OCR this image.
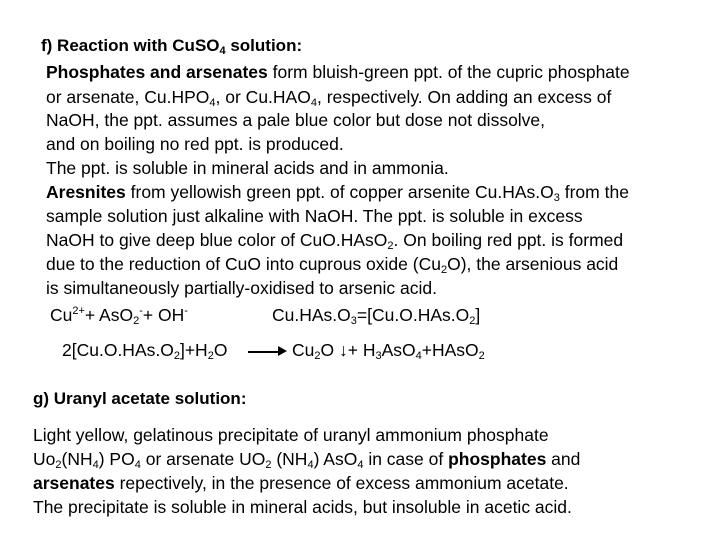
f) Reaction with CuSO$_4$ solution:
Phosphates and arsenates form bluish-green ppt. of the cupric phosphate
or arsenate, $Cu.HPO_4$, or $Cu.HAO_4$, respectively. On adding an excess of
NaOH, the ppt. assumes a pale blue color but dose not dissolve,
and on boiling no red ppt. is produced.
The ppt. is soluble in mineral acids and in ammonia.
Aresnites from yellowish green ppt. of copper arsenite $Cu.HAs.O_3$ from the
sample solution just alkaline with NaOH. The ppt. is soluble in excess
NaOH to give deep blue color of CuO.HAsO$_2$. On boiling red ppt. is formed
due to the reduction of CuO into cuprous oxide $(Cu_2O)$, the arsenious acid
is simultaneously partially-oxidised to arsenic acid.
$Cu^{2+}+ AsO_2^-+ OH^-$	$Cu.HAs.O_3=[Cu.O.HAs.O_2]$
$2[Cu.O.HAs.O_2]+H_2O$	$Cu_2O$ ↓+ $H_3AsO_4+HAsO_2$
g) Uranyl acetate solution:
Light yellow, gelatinous precipitate of uranyl ammonium phosphate
$Uo_2(NH_4)$ $PO_4$ or arsenate $UO_2$ $(NH_4)$ AsO$_4$ in case of phosphates and
arsenates repectively, in the presence of excess ammonium acetate.
The precipitate is soluble in mineral acids, but insoluble in acetic acid.
